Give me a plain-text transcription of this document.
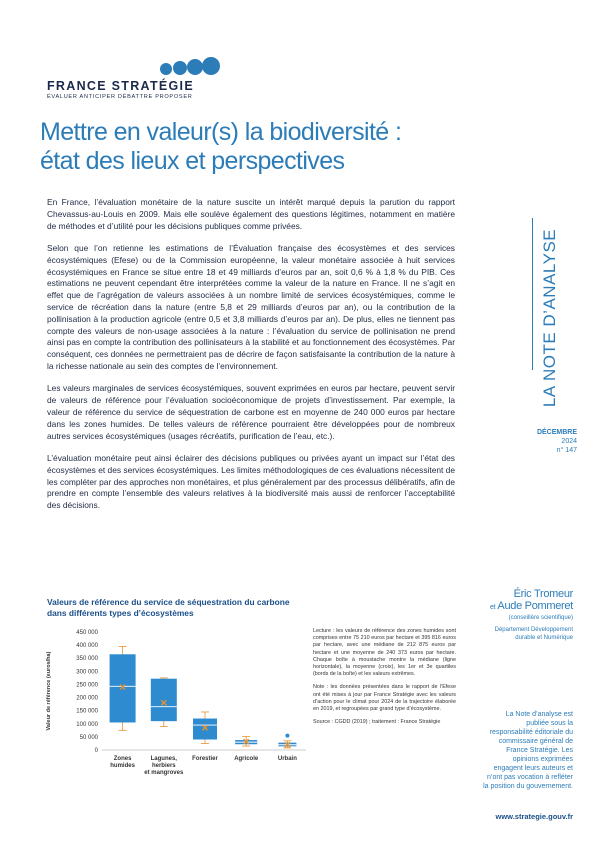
FRANCE STRATÉGIE
ÉVALUER ANTICIPER DÉBATTRE PROPOSER
Mettre en valeur(s) la biodiversité :
état des lieux et perspectives
LA NOTE D’ANALYSE
DÉCEMBRE
2024
n° 147

En France, l’évaluation monétaire de la nature suscite un intérêt marqué depuis la parution du rapport Chevassus-au-Louis en 2009. Mais elle soulève également des questions légitimes, notamment en matière de méthodes et d’utilité pour les décisions publiques comme privées.

Selon que l’on retienne les estimations de l’Évaluation française des écosystèmes et des services écosystémiques (Efese) ou de la Commission européenne, la valeur monétaire associée à huit services écosystémiques en France se situe entre 18 et 49 milliards d’euros par an, soit 0,6 % à 1,8 % du PIB. Ces estimations ne peuvent cependant être interprétées comme la valeur de la nature en France. Il ne s’agit en effet que de l’agrégation de valeurs associées à un nombre limité de services écosystémiques, comme le service de récréation dans la nature (entre 5,8 et 29 milliards d’euros par an), ou la contribution de la pollinisation à la production agricole (entre 0,5 et 3,8 milliards d’euros par an). De plus, elles ne tiennent pas compte des valeurs de non-usage associées à la nature : l’évaluation du service de pollinisation ne prend ainsi pas en compte la contribution des pollinisateurs à la stabilité et au fonctionnement des écosystèmes. Par conséquent, ces données ne permettraient pas de décrire de façon satisfaisante la contribution de la nature à la richesse nationale au sein des comptes de l’environnement.

Les valeurs marginales de services écosystémiques, souvent exprimées en euros par hectare, peuvent servir de valeurs de référence pour l’évaluation socioéconomique de projets d’investissement. Par exemple, la valeur de référence du service de séquestration de carbone est en moyenne de 240 000 euros par hectare dans les zones humides. De telles valeurs de référence pourraient être développées pour de nombreux autres services écosystémiques (usages récréatifs, purification de l’eau, etc.).

L’évaluation monétaire peut ainsi éclairer des décisions publiques ou privées ayant un impact sur l’état des écosystèmes et des services écosystémiques. Les limites méthodologiques de ces évaluations nécessitent de les compléter par des approches non monétaires, et plus généralement par des processus délibératifs, afin de prendre en compte l’ensemble des valeurs relatives à la biodiversité mais aussi de renforcer l’acceptabilité des décisions.

Valeurs de référence du service de séquestration du carbone dans différents types d’écosystèmes
Valeur de référence (euros/ha)
0
50 000
100 000
150 000
200 000
250 000
300 000
350 000
400 000
450 000
Zones
humides
Lagunes,
herbiers
et mangroves
Forestier	Agricole	Urbain

Lecture : les valeurs de référence des zones humides sont comprises entre 75 210 euros par hectare et 395 816 euros par hectare, avec une médiane de 212 875 euros par hectare et une moyenne de 240 373 euros par hectare. Chaque boîte à moustache montre la médiane (ligne horizontale), la moyenne (croix), les 1er et 3e quartiles (bords de la boîte) et les valeurs extrêmes.

Note : les données présentées dans le rapport de l’Efese ont été mises à jour par France Stratégie avec les valeurs d’action pour le climat pour 2024 de la trajectoire élaborée en 2019, et regroupées par grand type d’écosystème.

Source : CGDD (2019) ; traitement : France Stratégie

Éric Tromeur
et Aude Pommeret
(conseillère scientifique)
Département Développement
durable et Numérique
La Note d’analyse est publiée sous la responsabilité éditoriale du commissaire général de France Stratégie. Les opinions exprimées engagent leurs auteurs et n’ont pas vocation à refléter la position du gouvernement.
www.strategie.gouv.fr
